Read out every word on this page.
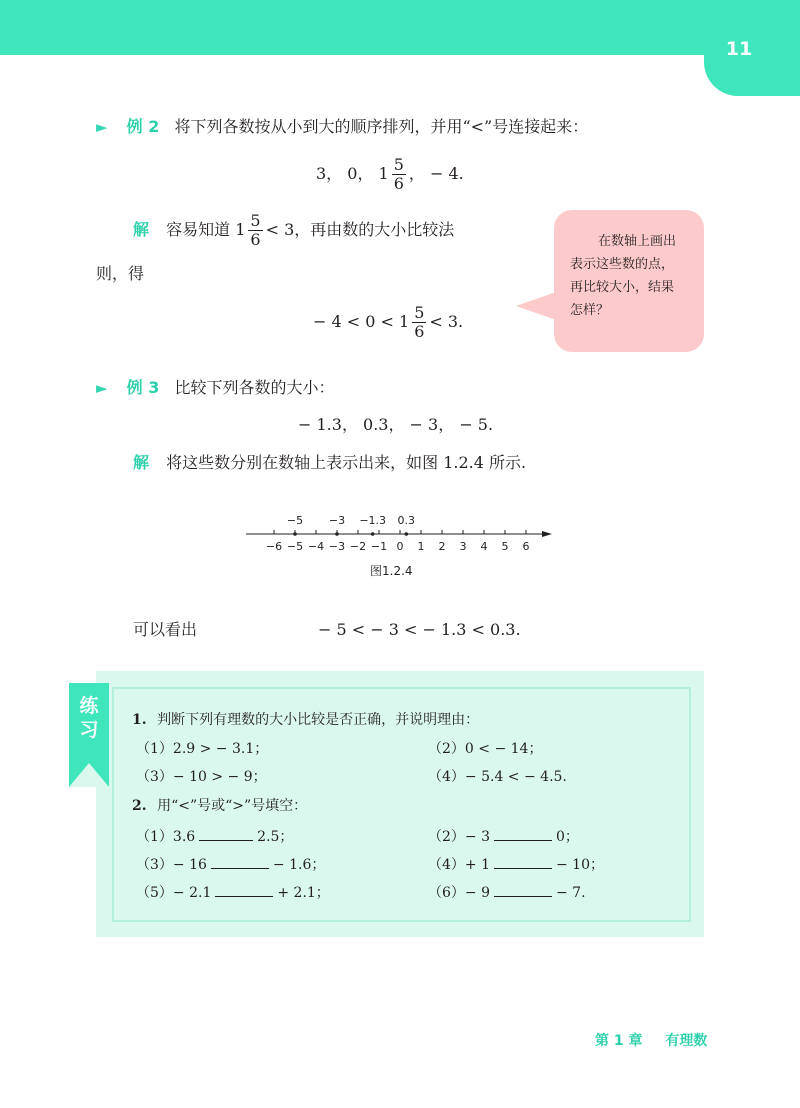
11
► 例 2 将下列各数按从小到大的顺序排列，并用“<”号连接起来：
3， 0， $1 \frac{5}{6}$ ， − 4.
解 容易知道 $1 \frac{5}{6} < 3$，再由数的大小比较法
则，得
− $4 < 0 < 1 \frac{5}{6} < 3$.
在数轴上画出
表示这些数的点，
再比较大小，结果
怎样？
► 例 3 比较下列各数的大小：
− 1.3， 0.3， − 3， − 5.
解 将这些数分别在数轴上表示出来，如图 1.2.4 所示.
−6 −5 −4 −3 −2 −1 0 1 2 3 4 5 6
−5 −3 −1.3 0.3
图1.2.4
可以看出	− 5 < − 3 < − 1.3 < 0.3.
练习 1. 判断下列有理数的大小比较是否正确，并说明理由：
（1）2.9 > − 3.1；	（2）0 < − 14；
（3）− 10 > − 9；	（4）− 5.4 < − 4.5.
2. 用“<”号或“>”号填空：
（1）3.6	2.5；	（2）− 3	0；
（3）− 16	− 1.6；	（4）+ 1	− 10；
（5）− 2.1	+ 2.1；	（6）− 9	− 7.
第 1 章 有理数
